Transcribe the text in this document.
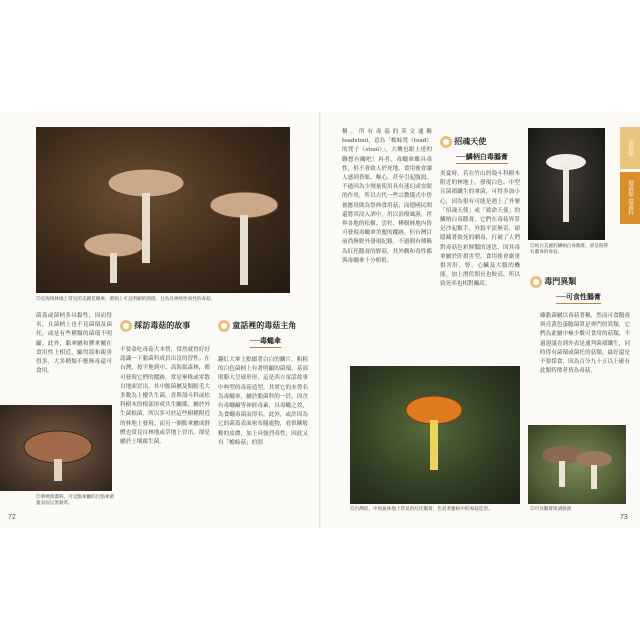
◎近海域林地上常見的美麗花瓣傘，菌柄上可見明顯的菌環，且為具神經性毒性的毒菇。
菌蓋或菌柄多具黏性，因而得名，且菌柄上也不見菌環及菌托，或是有些種類的菌環不明顯。此外，黏傘屬和膠傘屬在食用性上相近，顯得溫和親善得多，大多種類不應無毒還可食用。
◎菜梗菌濃時，可見點傘屬的污點傘菌蓋表面呈黑黏狀。
採訪毒菇的故事
不要命吃毒菇大本營，常然就得好好認識一下膽菌科成員出沒的習性。在台灣，按平地到中、高海拔森林，都可發現它們的蹤跡，常見畢株或零散自地面冒出，其中膽菌屬及類膽毛大多數為上樓共生菌，喜與殼斗科或松科樹木的根部形成共生關係，屬於外生菌根菌，所以多可於這些樹種附近的林地上發現；而另一個點傘屬成群體也常見自林地或草地上冒出，卻是屬於土壤腐生菌。
童話裡的毒菇主角
──毒蠅傘
翻紅大傘上點綴著白白的鱗片，粗粗的白色菌柄上有著明顯的菌環，基部則膨大呈球形形，這是西方童話故事中典型的毒菇造型，其實它的本尊名為毒蠅傘，屬於膽菌科的一員，因含有毒蠅鹼等神經毒素，具毒蠅之效，為食蠅毒菌而得名。此外，或許因為它的菌蓋表面密布隨處物，看似穢般蟾的皮膚，加上具強烈毒性，因此又有「蟾蜍菇」的別
72
稱。所有毒菇的英文通稱toadstool，意為「蟾蜍凳（toad）的凳子（stool）」，大概也跟上述的聯想有關吧！再者，毒蠅傘雖具毒性，但不會致人於死地，食用後會讓人感到昏眩、嘔心，甚至引起腹瀉。不過因為少劑量使用具有迷幻或安眠的作用，所以古代一些宗教儀式中曾被應用做為祭典食用菇；而德國民間還將其浸入酒中，用以治療風濕。世界各地的松樹、雲杉、樺樹林地內皆可發現毒蠅傘美麗的蹤跡，但台灣目前尚無野外發現紀錄，不過倒有種稱為紅托鵝膏的野菇，其外觀和毒性都與毒蠅傘十分相似。
招魂天使
──鱗柄白毒鵝膏
炎夏時，若在竹山的殼斗科樹木附近的林地上，發現白色、中型且菌褶纖生的傘菌，可得多加小心，因為很有可能是遇上了外號「招魂天使」或「致命天使」的鱗柄白毒鵝膏。它們在毒菇界算是沙起數手，外貌平淡無奇，卻隱藏著致死的劇毒，打破了人們對毒菇色彩鮮豔的迷思，因其毒傘屬於肝損害型，食用後會嚴重損害肝、腎、心臟及大腦的機能，加上潛伏期長也較高，所以致死率也相對飆高。
◎純白美麗的鱗柄白毒鵝膏，卻是個帶有劇毒的毒菇。
毒門異類
──可食性鵝膏
雖膽菌屬以毒菇著稱，然而可食鵝膏與亮黃色蛋膽菌算是專門的異類，它們為此屬中極少數可食用的菇類，不過建議直到外表是通判菌褶纖生，同時得有菌環或菌托的菇類，最好還是不要採食，因為百分九十五以上確有此類特徵者皆為毒菇。
◎台灣低，中海拔林地上常見的紅托鵝膏，色彩著雖較中的毒菇造型。	◎可食鵝膏與酒鮮菌
菌褶類
環菌類‧環菌科
73
